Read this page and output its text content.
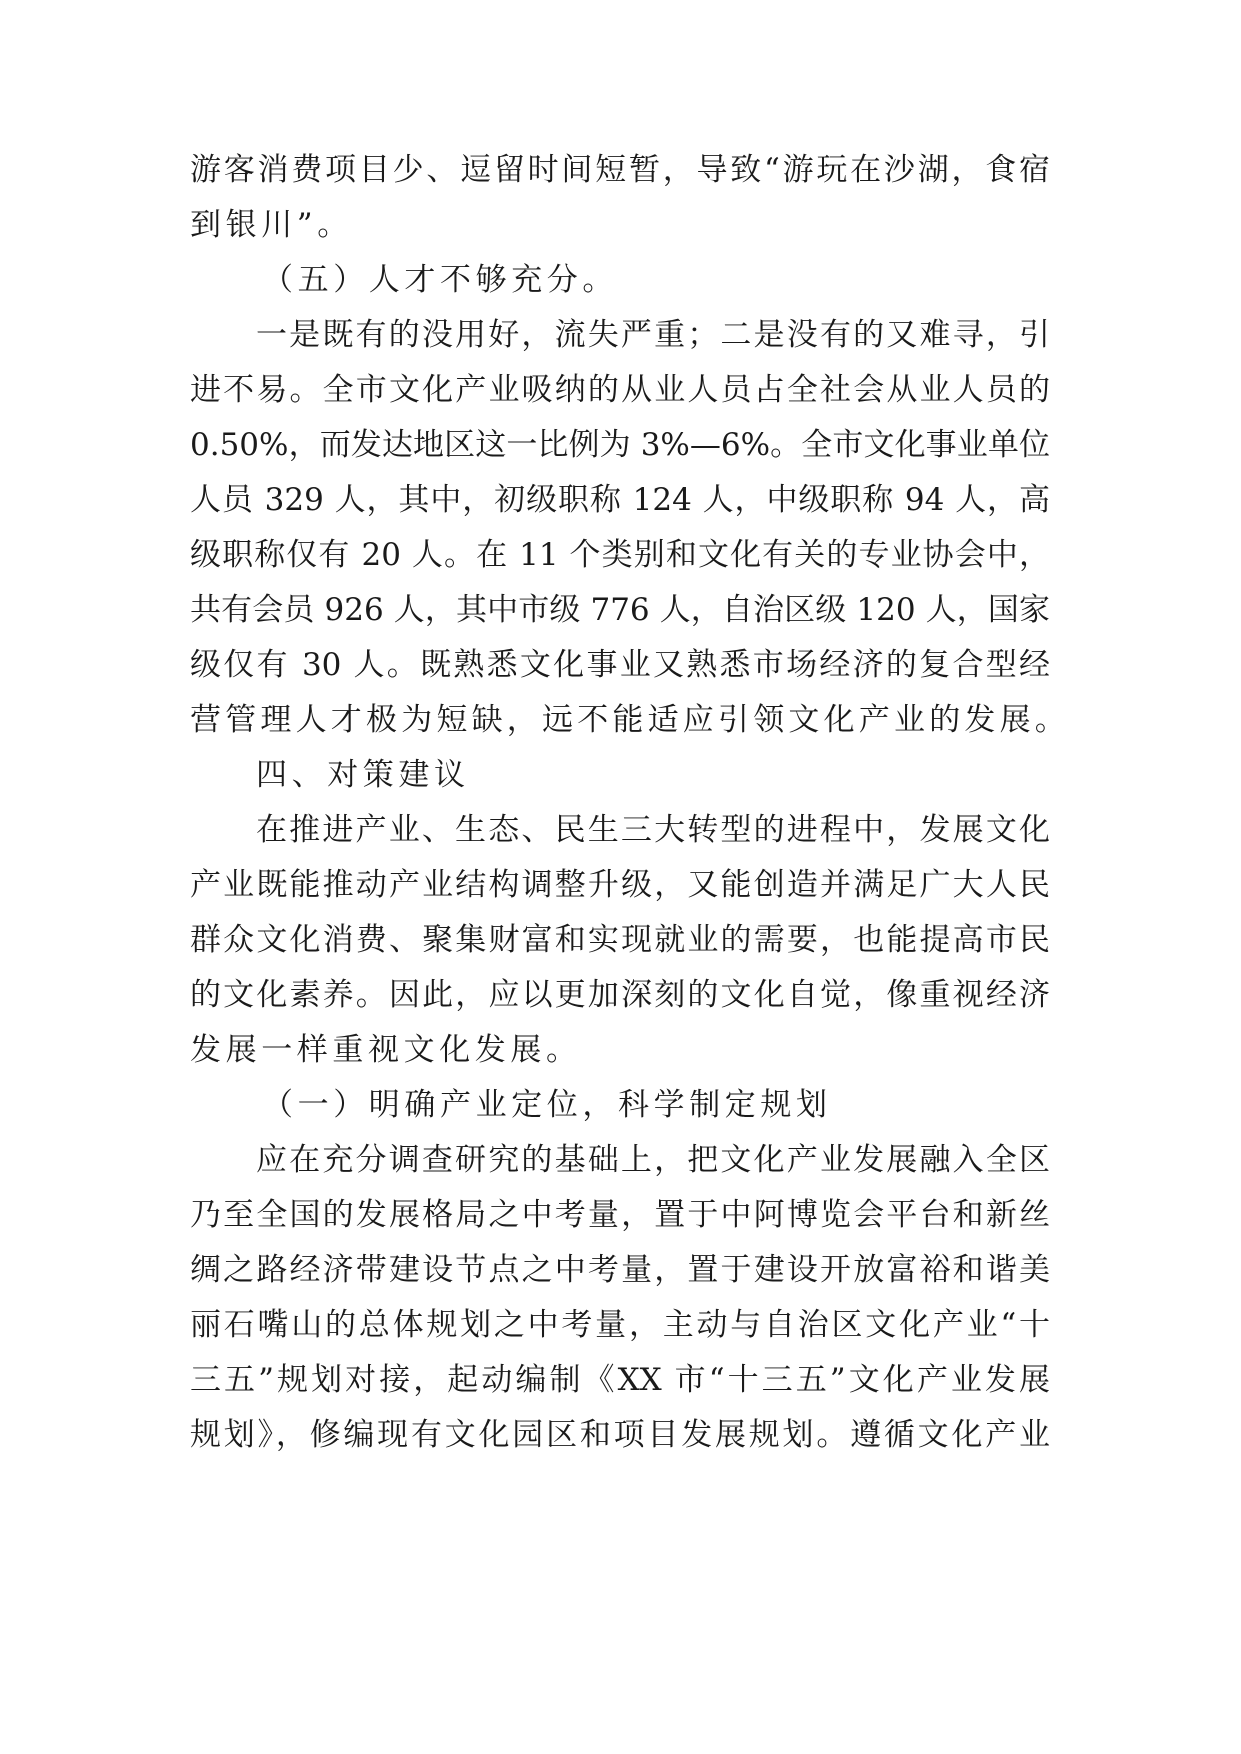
游客消费项目少、逗留时间短暂，导致“游玩在沙湖，食宿
到银川”。
（五）人才不够充分。
一是既有的没用好，流失严重；二是没有的又难寻，引
进不易。全市文化产业吸纳的从业人员占全社会从业人员的
0.50%，而发达地区这一比例为 3%—6%。全市文化事业单位
人员 329 人，其中，初级职称 124 人，中级职称 94 人，高
级职称仅有 20 人。在 11 个类别和文化有关的专业协会中，
共有会员 926 人，其中市级 776 人，自治区级 120 人，国家
级仅有 30 人。既熟悉文化事业又熟悉市场经济的复合型经
营管理人才极为短缺，远不能适应引领文化产业的发展。
四、对策建议
在推进产业、生态、民生三大转型的进程中，发展文化
产业既能推动产业结构调整升级，又能创造并满足广大人民
群众文化消费、聚集财富和实现就业的需要，也能提高市民
的文化素养。因此，应以更加深刻的文化自觉，像重视经济
发展一样重视文化发展。
（一）明确产业定位，科学制定规划
应在充分调查研究的基础上，把文化产业发展融入全区
乃至全国的发展格局之中考量，置于中阿博览会平台和新丝
绸之路经济带建设节点之中考量，置于建设开放富裕和谐美
丽石嘴山的总体规划之中考量，主动与自治区文化产业“十
三五”规划对接，起动编制《XX 市“十三五”文化产业发展
规划》，修编现有文化园区和项目发展规划。遵循文化产业
